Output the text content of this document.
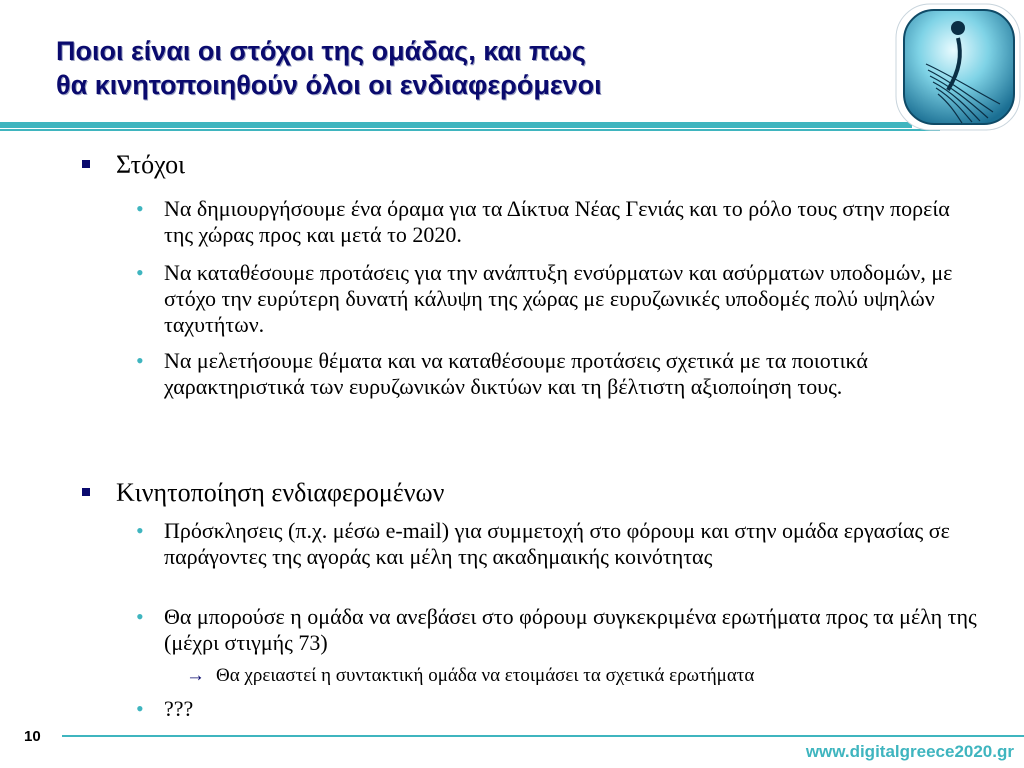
Ποιοι είναι οι στόχοι της ομάδας, και πως
θα κινητοποιηθούν όλοι οι ενδιαφερόμενοι
Στόχοι
• Να δημιουργήσουμε ένα όραμα για τα Δίκτυα Νέας Γενιάς και το ρόλο τους στην πορεία της χώρας προς και μετά το 2020.
• Να καταθέσουμε προτάσεις για την ανάπτυξη ενσύρματων και ασύρματων υποδομών, με στόχο την ευρύτερη δυνατή κάλυψη της χώρας με ευρυζωνικές υποδομές πολύ υψηλών ταχυτήτων.
• Να μελετήσουμε θέματα και να καταθέσουμε προτάσεις σχετικά με τα ποιοτικά χαρακτηριστικά των ευρυζωνικών δικτύων και τη βέλτιστη αξιοποίηση τους.
Κινητοποίηση ενδιαφερομένων
• Πρόσκλησεις (π.χ. μέσω e-mail) για συμμετοχή στο φόρουμ και στην ομάδα εργασίας σε παράγοντες της αγοράς και μέλη της ακαδημαικής κοινότητας
• Θα μπορούσε η ομάδα να ανεβάσει στο φόρουμ συγκεκριμένα ερωτήματα προς τα μέλη της (μέχρι στιγμής 73)
→ Θα χρειαστεί η συντακτική ομάδα να ετοιμάσει τα σχετικά ερωτήματα
• ???
10
www.digitalgreece2020.gr
